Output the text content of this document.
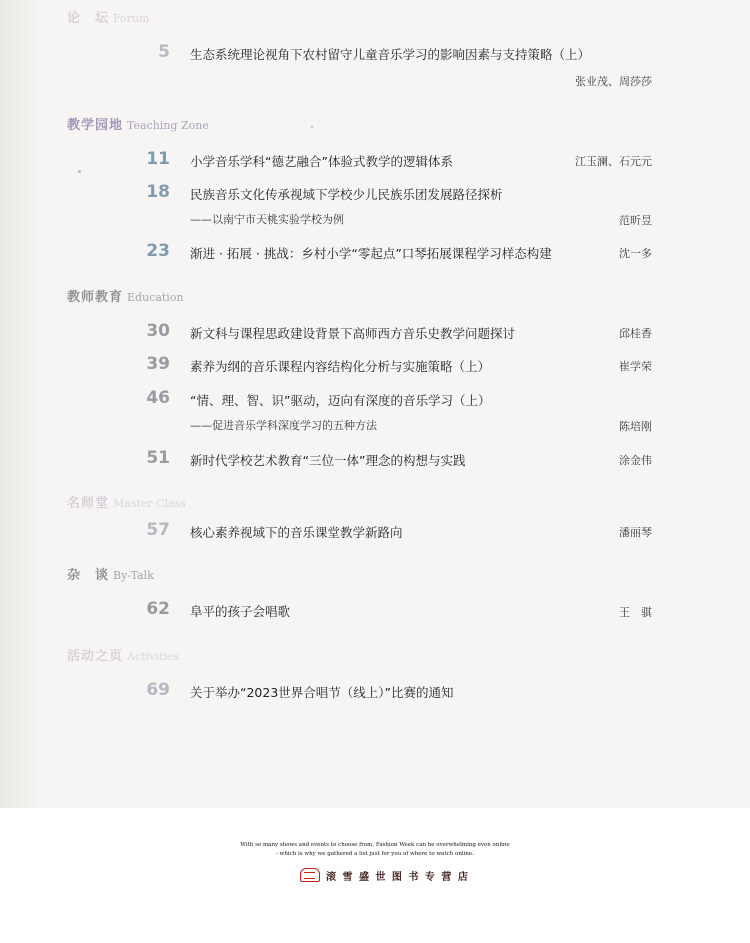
论　坛 Forum
5 生态系统理论视角下农村留守儿童音乐学习的影响因素与支持策略（上）
张业茂、周莎莎
教学园地 Teaching Zone
11 小学音乐学科“德艺融合”体验式教学的逻辑体系	江玉澜、石元元
18 民族音乐文化传承视域下学校少儿民族乐团发展路径探析
——以南宁市天桃实验学校为例	范昕昱
23 渐进 · 拓展 · 挑战：乡村小学“零起点”口琴拓展课程学习样态构建	沈一多
教师教育 Education
30 新文科与课程思政建设背景下高师西方音乐史教学问题探讨	邱桂香
39 素养为纲的音乐课程内容结构化分析与实施策略（上）	崔学荣
46 “情、理、智、识”驱动，迈向有深度的音乐学习（上）
——促进音乐学科深度学习的五种方法	陈培刚
51 新时代学校艺术教育“三位一体”理念的构想与实践	涂金伟
名师堂 Master Class
57 核心素养视域下的音乐课堂教学新路向	潘丽琴
杂　谈 By-Talk
62 阜平的孩子会唱歌	王　骐
活动之页 Activities
69 关于举办“2023世界合唱节（线上）”比赛的通知
With so many shows and events to choose from, Fashion Week can be overwhelming even online
- which is why we gathered a list just for you of where to watch online.
滚 雪 盛 世 图 书 专 营 店
